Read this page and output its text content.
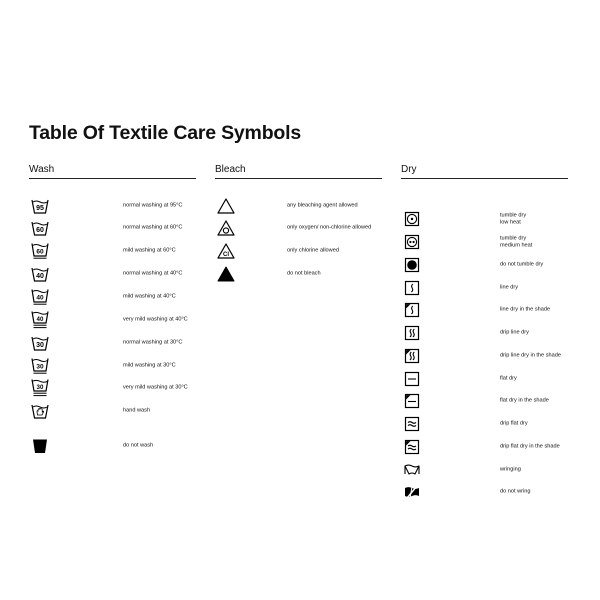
Table Of Textile Care Symbols
Wash
95	normal washing at 95°C
60	normal washing at 60°C
60	mild washing at 60°C
40	normal washing at 40°C
40	mild washing at 40°C
40	very mild washing at 40°C
30	normal washing at 30°C
30	mild washing at 30°C
30	very mild washing at 30°C
hand wash
do not wash
Bleach
any bleaching agent allowed
O
only oxygen/ non-chlorine allowed
Cl
only chlorine allowed
do not bleach
Dry
tumble dry
low heat
tumble dry
medium heat
do not tumble dry
line dry
line dry in the shade
drip line dry
drip line dry in the shade
flat dry
flat dry in the shade
drip flat dry
drip flat dry in the shade
wringing
do not wring
